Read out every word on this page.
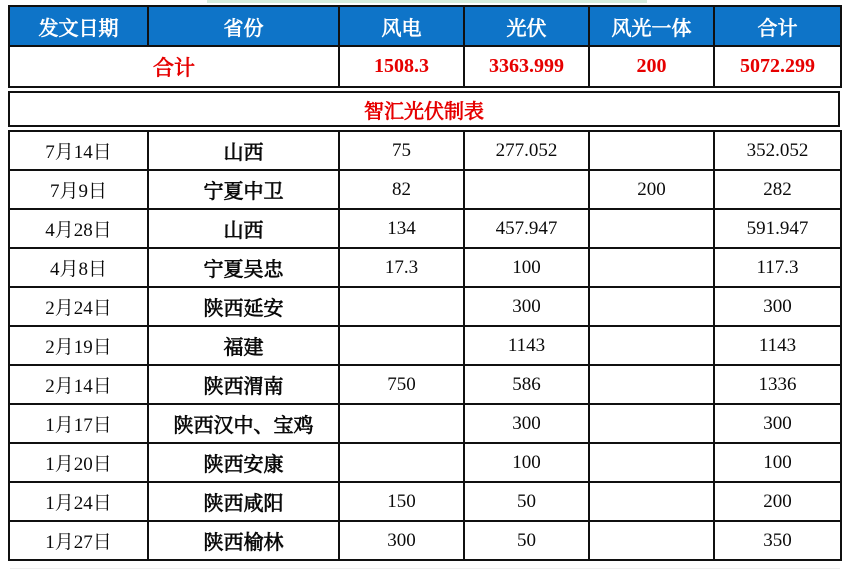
发文日期	省份	风电	光伏	风光一体	合计
合计		1508.3	3363.999	200	5072.299
智汇光伏制表
7月14日	山西	75	277.052		352.052
7月9日	宁夏中卫	82		200	282
4月28日	山西	134	457.947		591.947
4月8日	宁夏吴忠	17.3	100		117.3
2月24日	陕西延安		300		300
2月19日	福建		1143		1143
2月14日	陕西渭南	750	586		1336
1月17日	陕西汉中、宝鸡		300		300
1月20日	陕西安康		100		100
1月24日	陕西咸阳	150	50		200
1月27日	陕西榆林	300	50		350
